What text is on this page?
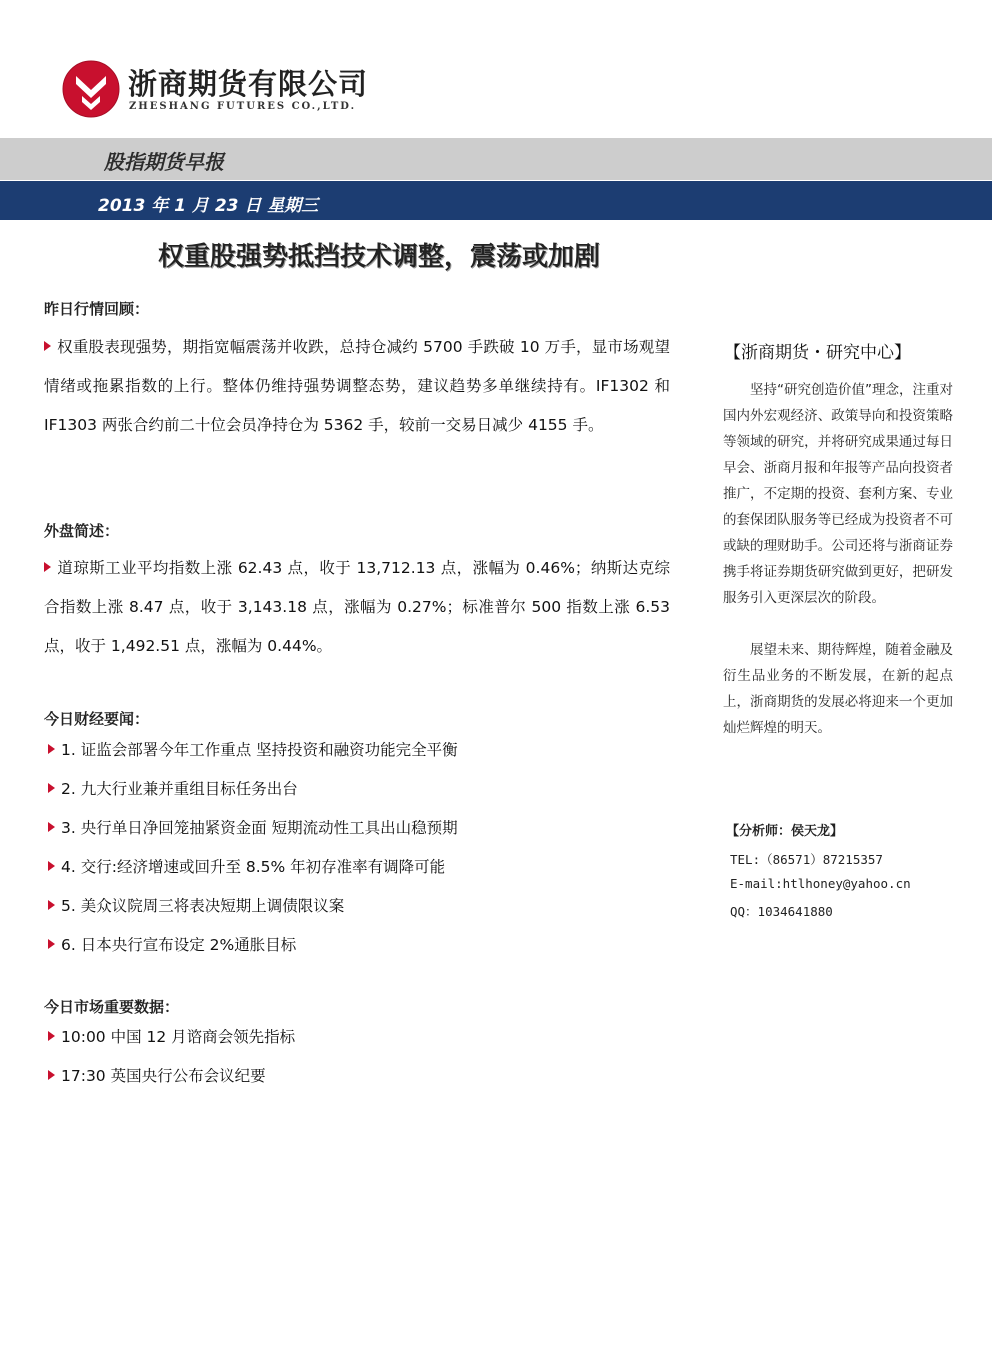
浙商期货有限公司
ZHESHANG FUTURES CO.,LTD.
股指期货早报
2013 年 1 月 23 日 星期三
权重股强势抵挡技术调整，震荡或加剧
昨日行情回顾：
权重股表现强势，期指宽幅震荡并收跌，总持仓减约 5700 手跌破 10 万手，显市场观望情绪或拖累指数的上行。整体仍维持强势调整态势，建议趋势多单继续持有。IF1302 和 IF1303 两张合约前二十位会员净持仓为 5362 手，较前一交易日减少 4155 手。
外盘简述：
道琼斯工业平均指数上涨 62.43 点，收于 13,712.13 点，涨幅为 0.46%；纳斯达克综合指数上涨 8.47 点，收于 3,143.18 点，涨幅为 0.27%；标准普尔 500 指数上涨 6.53 点，收于 1,492.51 点，涨幅为 0.44%。
今日财经要闻：
1. 证监会部署今年工作重点 坚持投资和融资功能完全平衡
2. 九大行业兼并重组目标任务出台
3. 央行单日净回笼抽紧资金面 短期流动性工具出山稳预期
4. 交行:经济增速或回升至 8.5% 年初存准率有调降可能
5. 美众议院周三将表决短期上调债限议案
6. 日本央行宣布设定 2%通胀目标
今日市场重要数据：
10:00 中国 12 月谘商会领先指标
17:30 英国央行公布会议纪要
【浙商期货・研究中心】
坚持“研究创造价值”理念，注重对国内外宏观经济、政策导向和投资策略等领域的研究，并将研究成果通过每日早会、浙商月报和年报等产品向投资者推广，不定期的投资、套利方案、专业的套保团队服务等已经成为投资者不可或缺的理财助手。公司还将与浙商证券携手将证券期货研究做到更好，把研发服务引入更深层次的阶段。
展望未来、期待辉煌，随着金融及衍生品业务的不断发展，在新的起点上，浙商期货的发展必将迎来一个更加灿烂辉煌的明天。
【分析师：侯天龙】
TEL:（86571）87215357
E-mail:htlhoney@yahoo.cn
QQ：1034641880
